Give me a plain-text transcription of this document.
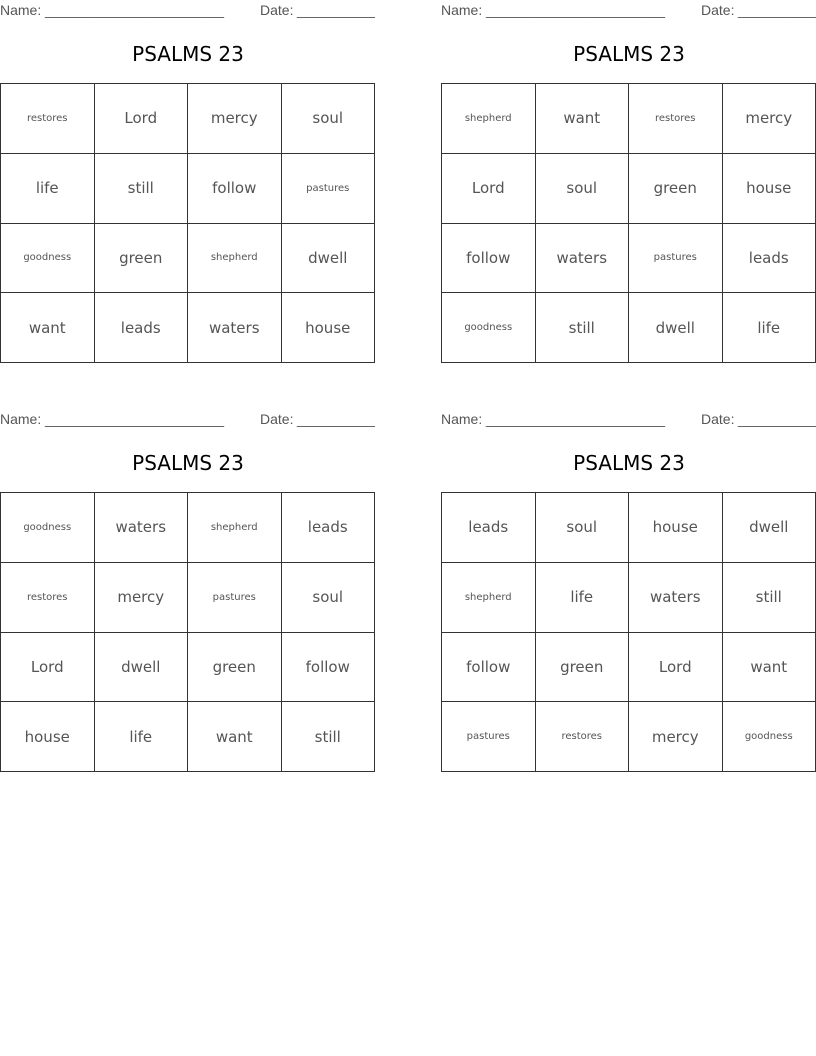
Name: _______________________	Date: __________
PSALMS 23
restores	Lord	mercy	soul
life	still	follow	pastures
goodness	green	shepherd	dwell
want	leads	waters	house
Name: _______________________	Date: __________
PSALMS 23
shepherd	want	restores	mercy
Lord	soul	green	house
follow	waters	pastures	leads
goodness	still	dwell	life
Name: _______________________	Date: __________
PSALMS 23
goodness	waters	shepherd	leads
restores	mercy	pastures	soul
Lord	dwell	green	follow
house	life	want	still
Name: _______________________	Date: __________
PSALMS 23
leads	soul	house	dwell
shepherd	life	waters	still
follow	green	Lord	want
pastures	restores	mercy	goodness
